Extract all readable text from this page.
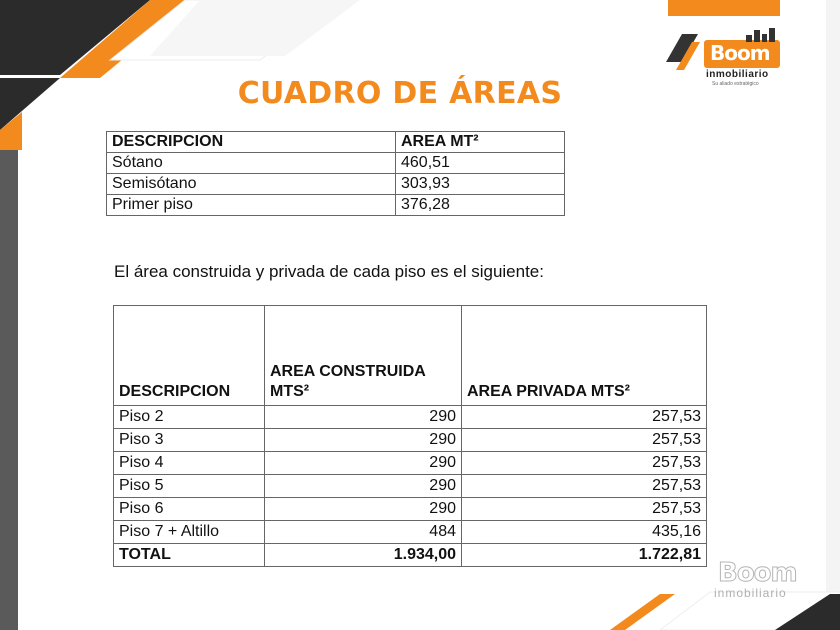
Boom
inmobiliario
Su aliado estratégico
CUADRO DE ÁREAS
DESCRIPCION	AREA MT²
Sótano	460,51
Semisótano	303,93
Primer piso	376,28
El área construida y privada de cada piso es el siguiente:
DESCRIPCION	AREA CONSTRUIDA MTS²	AREA PRIVADA MTS²
Piso 2	290	257,53
Piso 3	290	257,53
Piso 4	290	257,53
Piso 5	290	257,53
Piso 6	290	257,53
Piso 7 + Altillo	484	435,16
TOTAL	1.934,00	1.722,81
Boom
inmobiliario
